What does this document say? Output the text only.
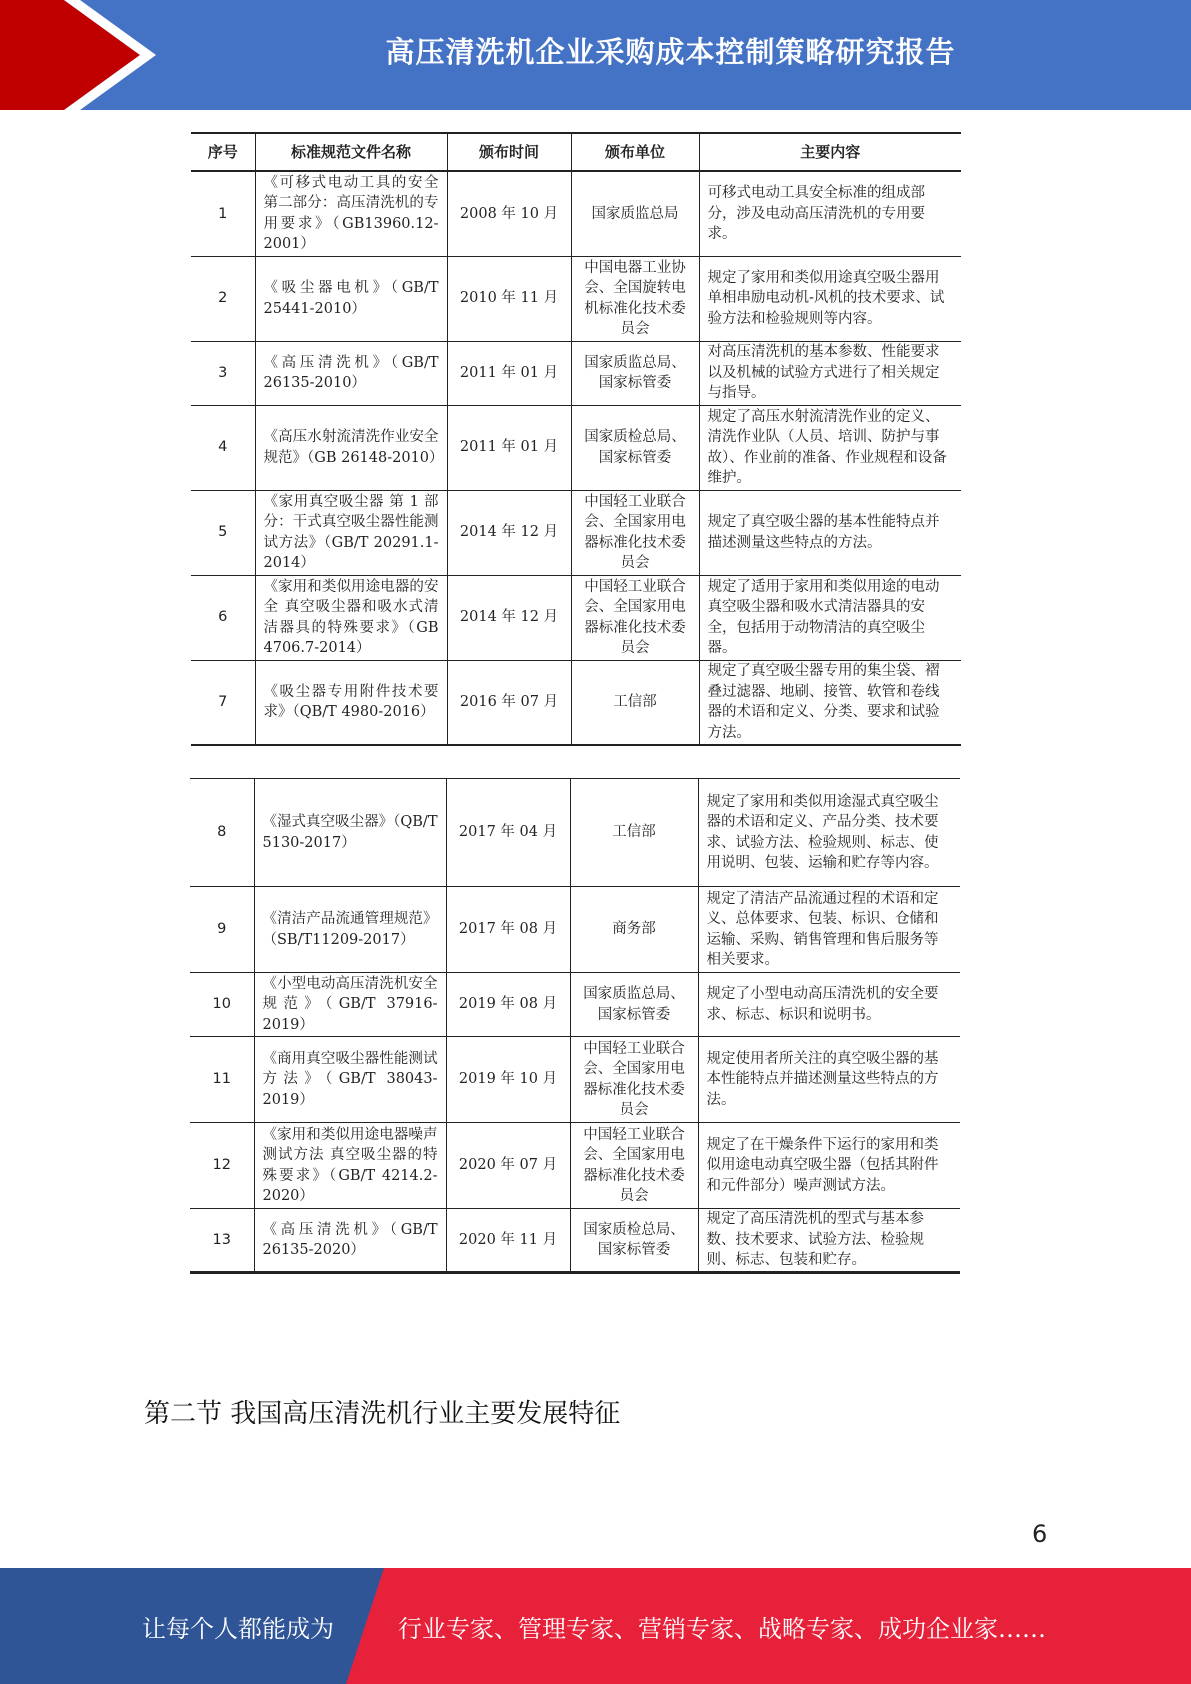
高压清洗机企业采购成本控制策略研究报告
序号	标准规范文件名称	颁布时间	颁布单位	主要内容
1	《可移式电动工具的安全 第二部分：高压清洗机的专用要求》（GB13960.12-2001）	2008 年 10 月	国家质监总局	可移式电动工具安全标准的组成部分，涉及电动高压清洗机的专用要求。
2	《吸尘器电机》（GB/T 25441-2010）	2010 年 11 月	中国电器工业协会、全国旋转电机标准化技术委员会	规定了家用和类似用途真空吸尘器用单相串励电动机-风机的技术要求、试验方法和检验规则等内容。
3	《高压清洗机》（GB/T 26135-2010）	2011 年 01 月	国家质监总局、国家标管委	对高压清洗机的基本参数、性能要求以及机械的试验方式进行了相关规定与指导。
4	《高压水射流清洗作业安全规范》（GB 26148-2010）	2011 年 01 月	国家质检总局、国家标管委	规定了高压水射流清洗作业的定义、清洗作业队（人员、培训、防护与事故）、作业前的准备、作业规程和设备维护。
5	《家用真空吸尘器 第 1 部分：干式真空吸尘器性能测试方法》（GB/T 20291.1-2014）	2014 年 12 月	中国轻工业联合会、全国家用电器标准化技术委员会	规定了真空吸尘器的基本性能特点并描述测量这些特点的方法。
6	《家用和类似用途电器的安全 真空吸尘器和吸水式清洁器具的特殊要求》（GB 4706.7-2014）	2014 年 12 月	中国轻工业联合会、全国家用电器标准化技术委员会	规定了适用于家用和类似用途的电动真空吸尘器和吸水式清洁器具的安全，包括用于动物清洁的真空吸尘器。
7	《吸尘器专用附件技术要求》（QB/T 4980-2016）	2016 年 07 月	工信部	规定了真空吸尘器专用的集尘袋、褶叠过滤器、地刷、接管、软管和卷线器的术语和定义、分类、要求和试验方法。
8	《湿式真空吸尘器》（QB/T 5130-2017）	2017 年 04 月	工信部	规定了家用和类似用途湿式真空吸尘器的术语和定义、产品分类、技术要求、试验方法、检验规则、标志、使用说明、包装、运输和贮存等内容。
9	《清洁产品流通管理规范》（SB/T11209-2017）	2017 年 08 月	商务部	规定了清洁产品流通过程的术语和定义、总体要求、包装、标识、仓储和运输、采购、销售管理和售后服务等相关要求。
10	《小型电动高压清洗机安全规范》（GB/T 37916-2019）	2019 年 08 月	国家质监总局、国家标管委	规定了小型电动高压清洗机的安全要求、标志、标识和说明书。
11	《商用真空吸尘器性能测试方法》（GB/T 38043-2019）	2019 年 10 月	中国轻工业联合会、全国家用电器标准化技术委员会	规定使用者所关注的真空吸尘器的基本性能特点并描述测量这些特点的方法。
12	《家用和类似用途电器噪声测试方法 真空吸尘器的特殊要求》（GB/T 4214.2-2020）	2020 年 07 月	中国轻工业联合会、全国家用电器标准化技术委员会	规定了在干燥条件下运行的家用和类似用途电动真空吸尘器（包括其附件和元件部分）噪声测试方法。
13	《高压清洗机》（GB/T 26135-2020）	2020 年 11 月	国家质检总局、国家标管委	规定了高压清洗机的型式与基本参数、技术要求、试验方法、检验规则、标志、包装和贮存。
第二节 我国高压清洗机行业主要发展特征
6
让每个人都能成为	行业专家、管理专家、营销专家、战略专家、成功企业家……
